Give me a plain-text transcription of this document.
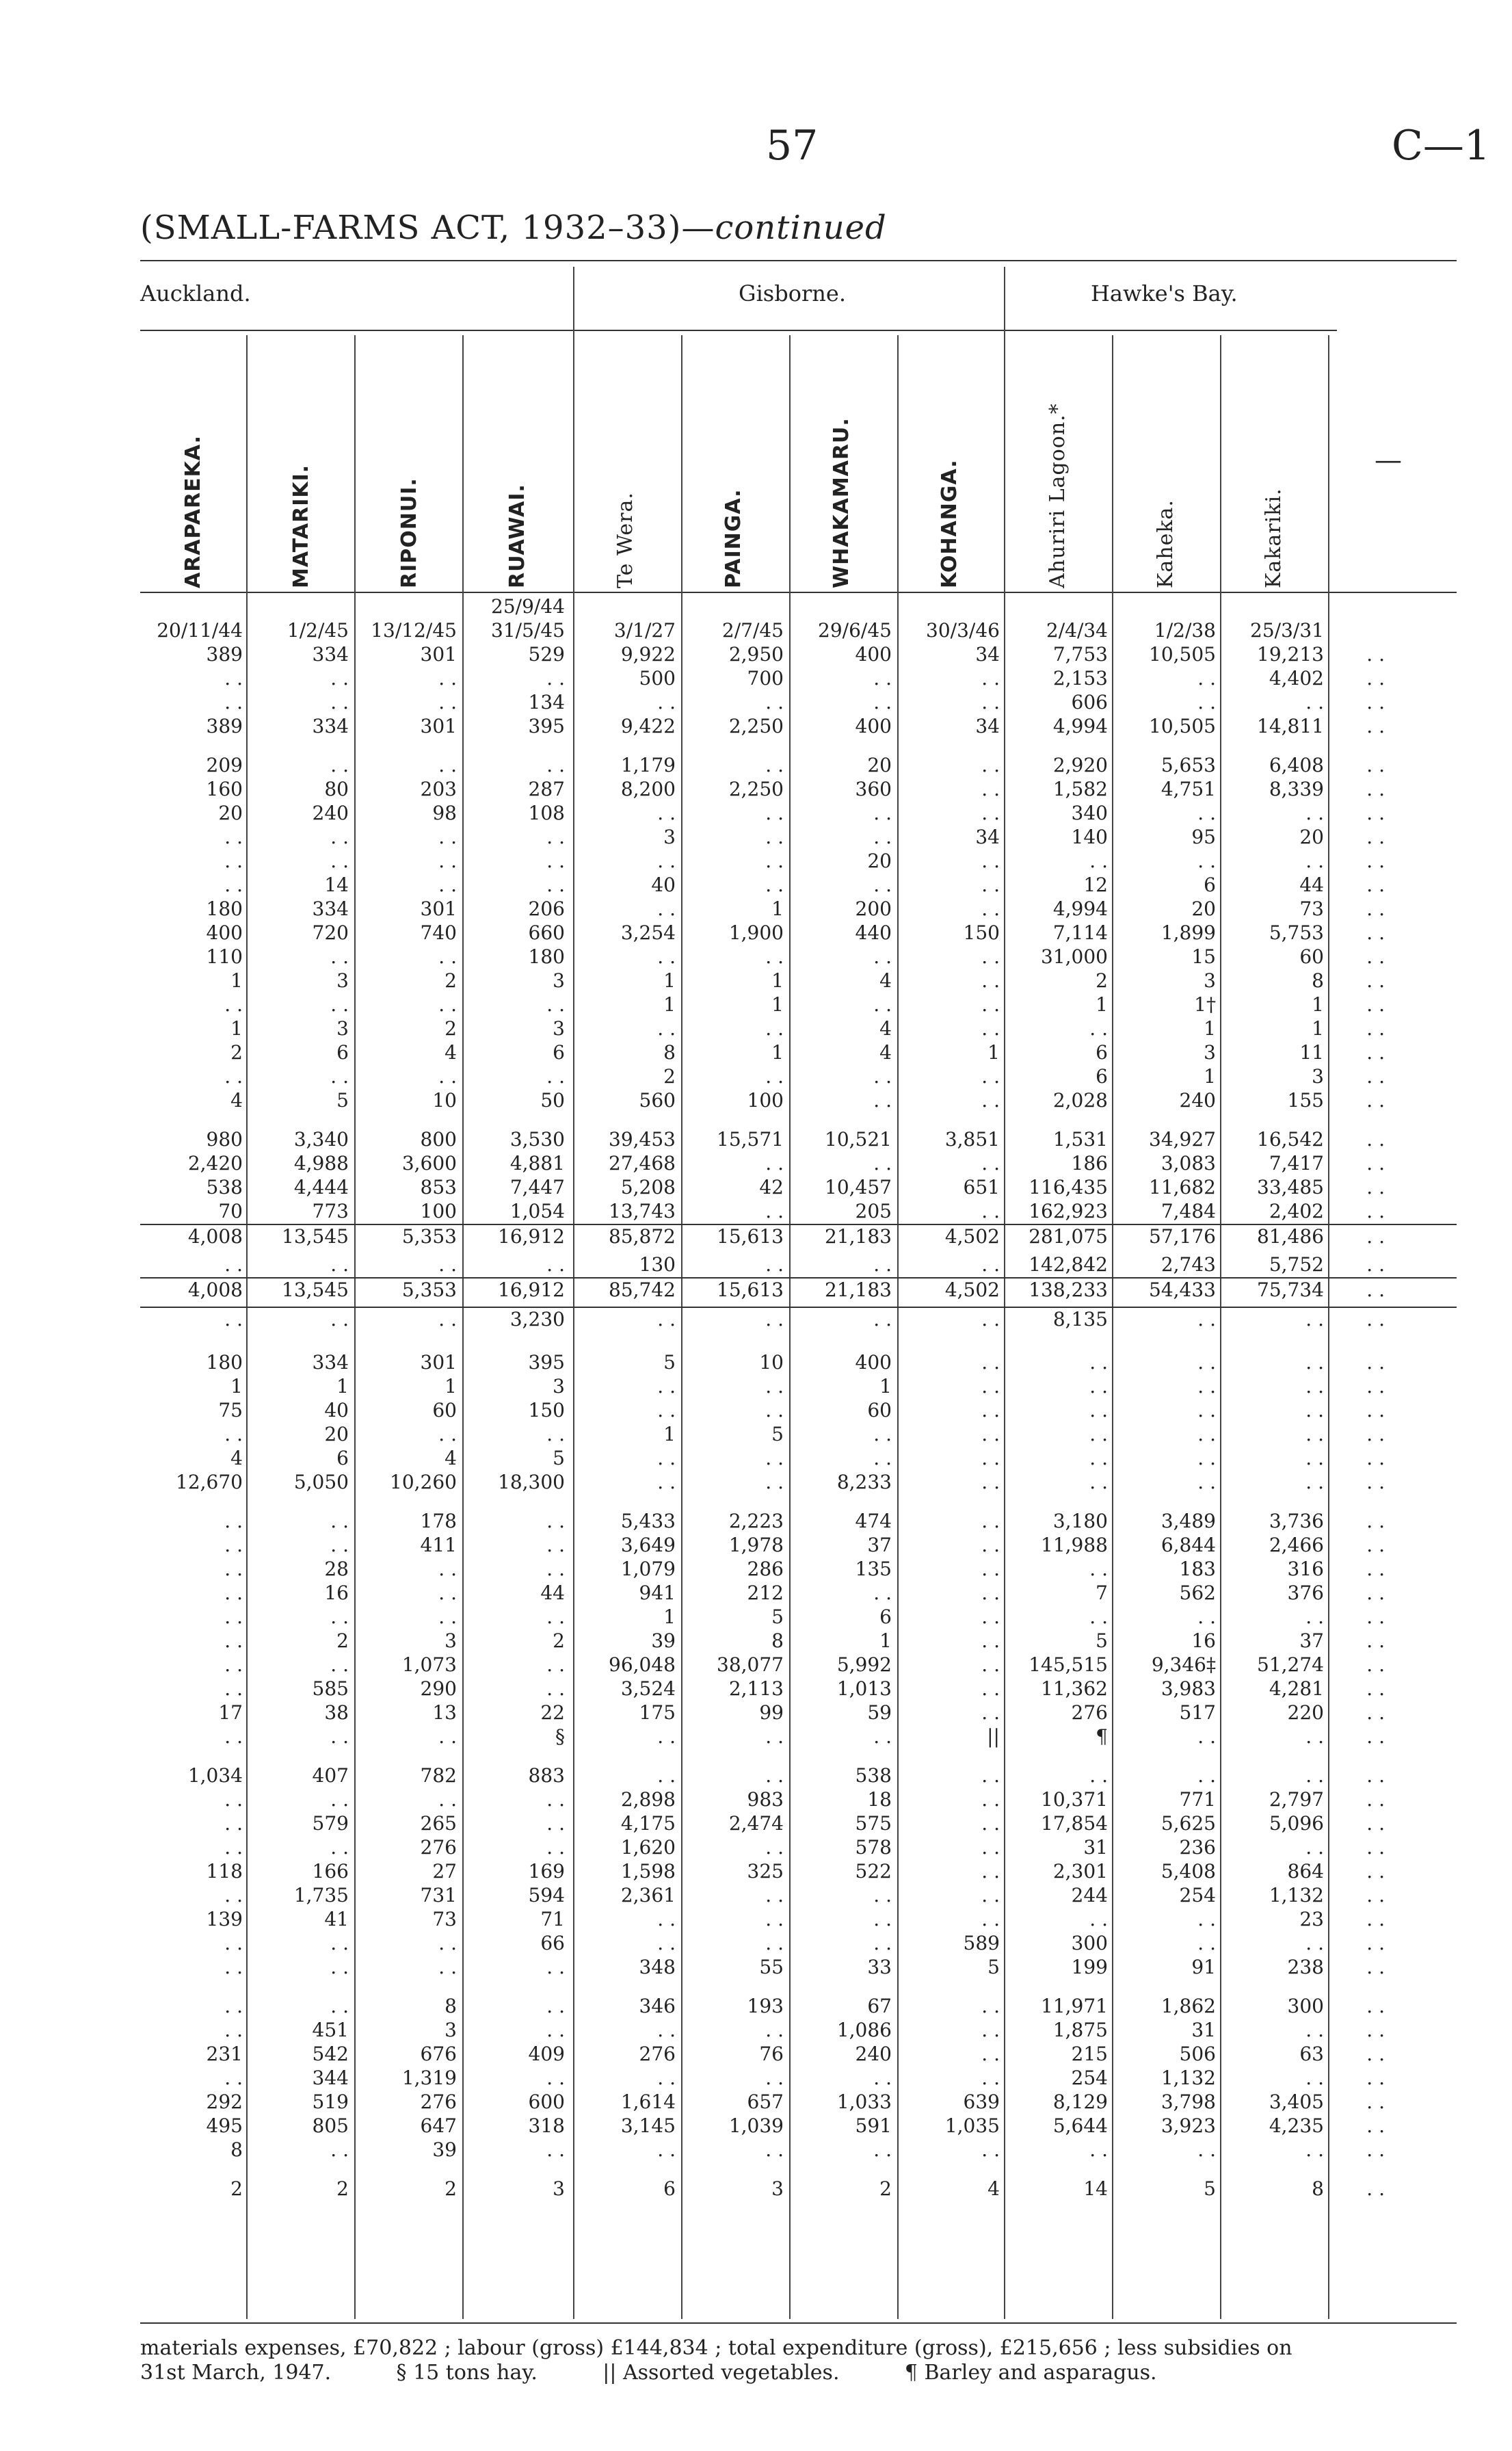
57	C—1
(SMALL-FARMS ACT, 1932–33)—continued
Auckland.	Gisborne.	Hawke's Bay.
ARAPAREKA.	MATARIKI.	RIPONUI.	RUAWAI.	Te Wera.	PAINGA.	WHAKAMARU.	KOHANGA.	Ahuriri Lagoon.*	Kaheka.	Kakariki.
—
25/9/44
20/11/44	1/2/45	13/12/45	31/5/45	3/1/27	2/7/45	29/6/45	30/3/46	2/4/34	1/2/38	25/3/31
389	334	301	529	9,922	2,950	400	34	7,753	10,505	19,213	. .
. .	. .	. .	. .	500	700	. .	. .	2,153	. .	4,402	. .
. .	. .	. .	134	. .	. .	. .	. .	606	. .	. .	. .
389	334	301	395	9,422	2,250	400	34	4,994	10,505	14,811	. .
209	. .	. .	. .	1,179	. .	20	. .	2,920	5,653	6,408	. .
160	80	203	287	8,200	2,250	360	. .	1,582	4,751	8,339	. .
20	240	98	108	. .	. .	. .	. .	340	. .	. .	. .
. .	. .	. .	. .	3	. .	. .	34	140	95	20	. .
. .	. .	. .	. .	. .	. .	20	. .	. .	. .	. .	. .
. .	14	. .	. .	40	. .	. .	. .	12	6	44	. .
180	334	301	206	. .	1	200	. .	4,994	20	73	. .
400	720	740	660	3,254	1,900	440	150	7,114	1,899	5,753	. .
110	. .	. .	180	. .	. .	. .	. .	31,000	15	60	. .
1	3	2	3	1	1	4	. .	2	3	8	. .
. .	. .	. .	. .	1	1	. .	. .	1	1†	1	. .
1	3	2	3	. .	. .	4	. .	. .	1	1	. .
2	6	4	6	8	1	4	1	6	3	11	. .
. .	. .	. .	. .	2	. .	. .	. .	6	1	3	. .
4	5	10	50	560	100	. .	. .	2,028	240	155	. .
980	3,340	800	3,530	39,453	15,571	10,521	3,851	1,531	34,927	16,542	. .
2,420	4,988	3,600	4,881	27,468	. .	. .	. .	186	3,083	7,417	. .
538	4,444	853	7,447	5,208	42	10,457	651	116,435	11,682	33,485	. .
70	773	100	1,054	13,743	. .	205	. .	162,923	7,484	2,402	. .
4,008	13,545	5,353	16,912	85,872	15,613	21,183	4,502	281,075	57,176	81,486	. .
. .	. .	. .	. .	130	. .	. .	. .	142,842	2,743	5,752	. .
4,008	13,545	5,353	16,912	85,742	15,613	21,183	4,502	138,233	54,433	75,734	. .
. .	. .	. .	3,230	. .	. .	. .	. .	8,135	. .	. .	. .
180	334	301	395	5	10	400	. .	. .	. .	. .	. .
1	1	1	3	. .	. .	1	. .	. .	. .	. .	. .
75	40	60	150	. .	. .	60	. .	. .	. .	. .	. .
. .	20	. .	. .	1	5	. .	. .	. .	. .	. .	. .
4	6	4	5	. .	. .	. .	. .	. .	. .	. .	. .
12,670	5,050	10,260	18,300	. .	. .	8,233	. .	. .	. .	. .	. .
. .	. .	178	. .	5,433	2,223	474	. .	3,180	3,489	3,736	. .
. .	. .	411	. .	3,649	1,978	37	. .	11,988	6,844	2,466	. .
. .	28	. .	. .	1,079	286	135	. .	. .	183	316	. .
. .	16	. .	44	941	212	. .	. .	7	562	376	. .
. .	. .	. .	. .	1	5	6	. .	. .	. .	. .	. .
. .	2	3	2	39	8	1	. .	5	16	37	. .
. .	. .	1,073	. .	96,048	38,077	5,992	. .	145,515	9,346‡	51,274	. .
. .	585	290	. .	3,524	2,113	1,013	. .	11,362	3,983	4,281	. .
17	38	13	22	175	99	59	. .	276	517	220	. .
. .	. .	. .	§	. .	. .	. .	||	¶	. .	. .	. .
1,034	407	782	883	. .	. .	538	. .	. .	. .	. .	. .
. .	. .	. .	. .	2,898	983	18	. .	10,371	771	2,797	. .
. .	579	265	. .	4,175	2,474	575	. .	17,854	5,625	5,096	. .
. .	. .	276	. .	1,620	. .	578	. .	31	236	. .	. .
118	166	27	169	1,598	325	522	. .	2,301	5,408	864	. .
. .	1,735	731	594	2,361	. .	. .	. .	244	254	1,132	. .
139	41	73	71	. .	. .	. .	. .	. .	. .	23	. .
. .	. .	. .	66	. .	. .	. .	589	300	. .	. .	. .
. .	. .	. .	. .	348	55	33	5	199	91	238	. .
. .	. .	8	. .	346	193	67	. .	11,971	1,862	300	. .
. .	451	3	. .	. .	. .	1,086	. .	1,875	31	. .	. .
231	542	676	409	276	76	240	. .	215	506	63	. .
. .	344	1,319	. .	. .	. .	. .	. .	254	1,132	. .	. .
292	519	276	600	1,614	657	1,033	639	8,129	3,798	3,405	. .
495	805	647	318	3,145	1,039	591	1,035	5,644	3,923	4,235	. .
8	. .	39	. .	. .	. .	. .	. .	. .	. .	. .	. .
2	2	2	3	6	3	2	4	14	5	8	. .
materials expenses, £70,822 ; labour (gross) £144,834 ; total expenditure (gross), £215,656 ; less subsidies on
31st March, 1947.          § 15 tons hay.          || Assorted vegetables.          ¶ Barley and asparagus.
